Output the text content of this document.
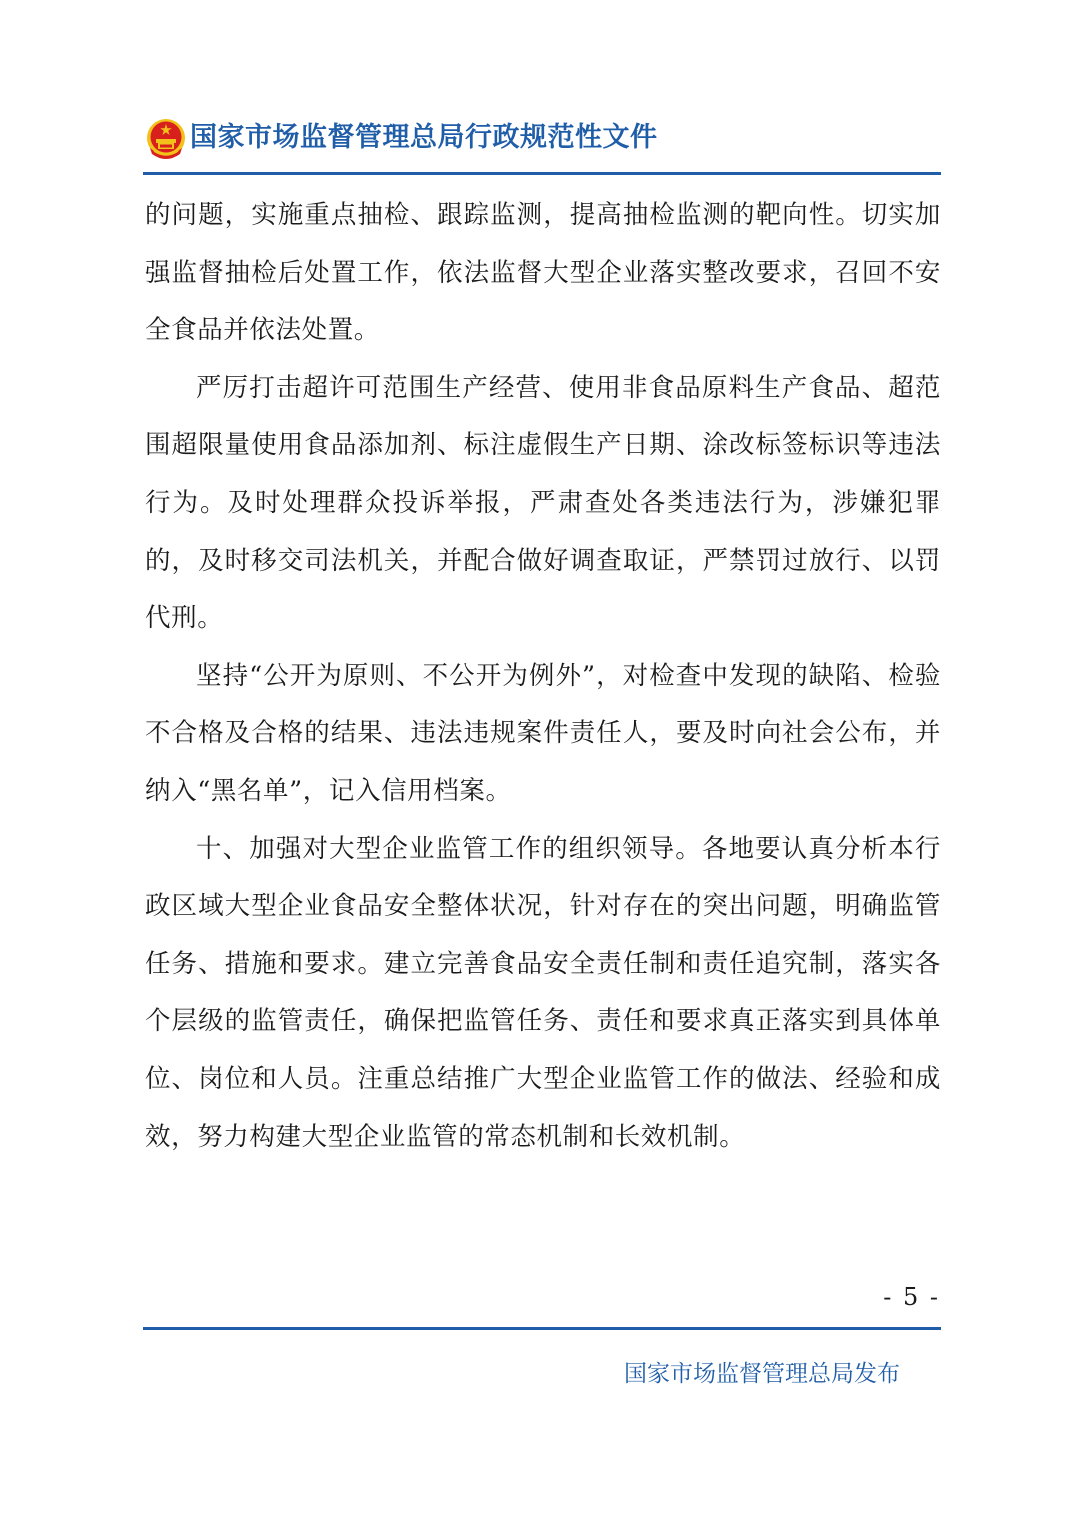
国家市场监督管理总局行政规范性文件

的问题，实施重点抽检、跟踪监测，提高抽检监测的靶向性。切实加强监督抽检后处置工作，依法监督大型企业落实整改要求，召回不安全食品并依法处置。

严厉打击超许可范围生产经营、使用非食品原料生产食品、超范围超限量使用食品添加剂、标注虚假生产日期、涂改标签标识等违法行为。及时处理群众投诉举报，严肃查处各类违法行为，涉嫌犯罪的，及时移交司法机关，并配合做好调查取证，严禁罚过放行、以罚代刑。

坚持“公开为原则、不公开为例外”，对检查中发现的缺陷、检验不合格及合格的结果、违法违规案件责任人，要及时向社会公布，并纳入“黑名单”，记入信用档案。

十、加强对大型企业监管工作的组织领导。各地要认真分析本行政区域大型企业食品安全整体状况，针对存在的突出问题，明确监管任务、措施和要求。建立完善食品安全责任制和责任追究制，落实各个层级的监管责任，确保把监管任务、责任和要求真正落实到具体单位、岗位和人员。注重总结推广大型企业监管工作的做法、经验和成效，努力构建大型企业监管的常态机制和长效机制。

- 5 -
国家市场监督管理总局发布
